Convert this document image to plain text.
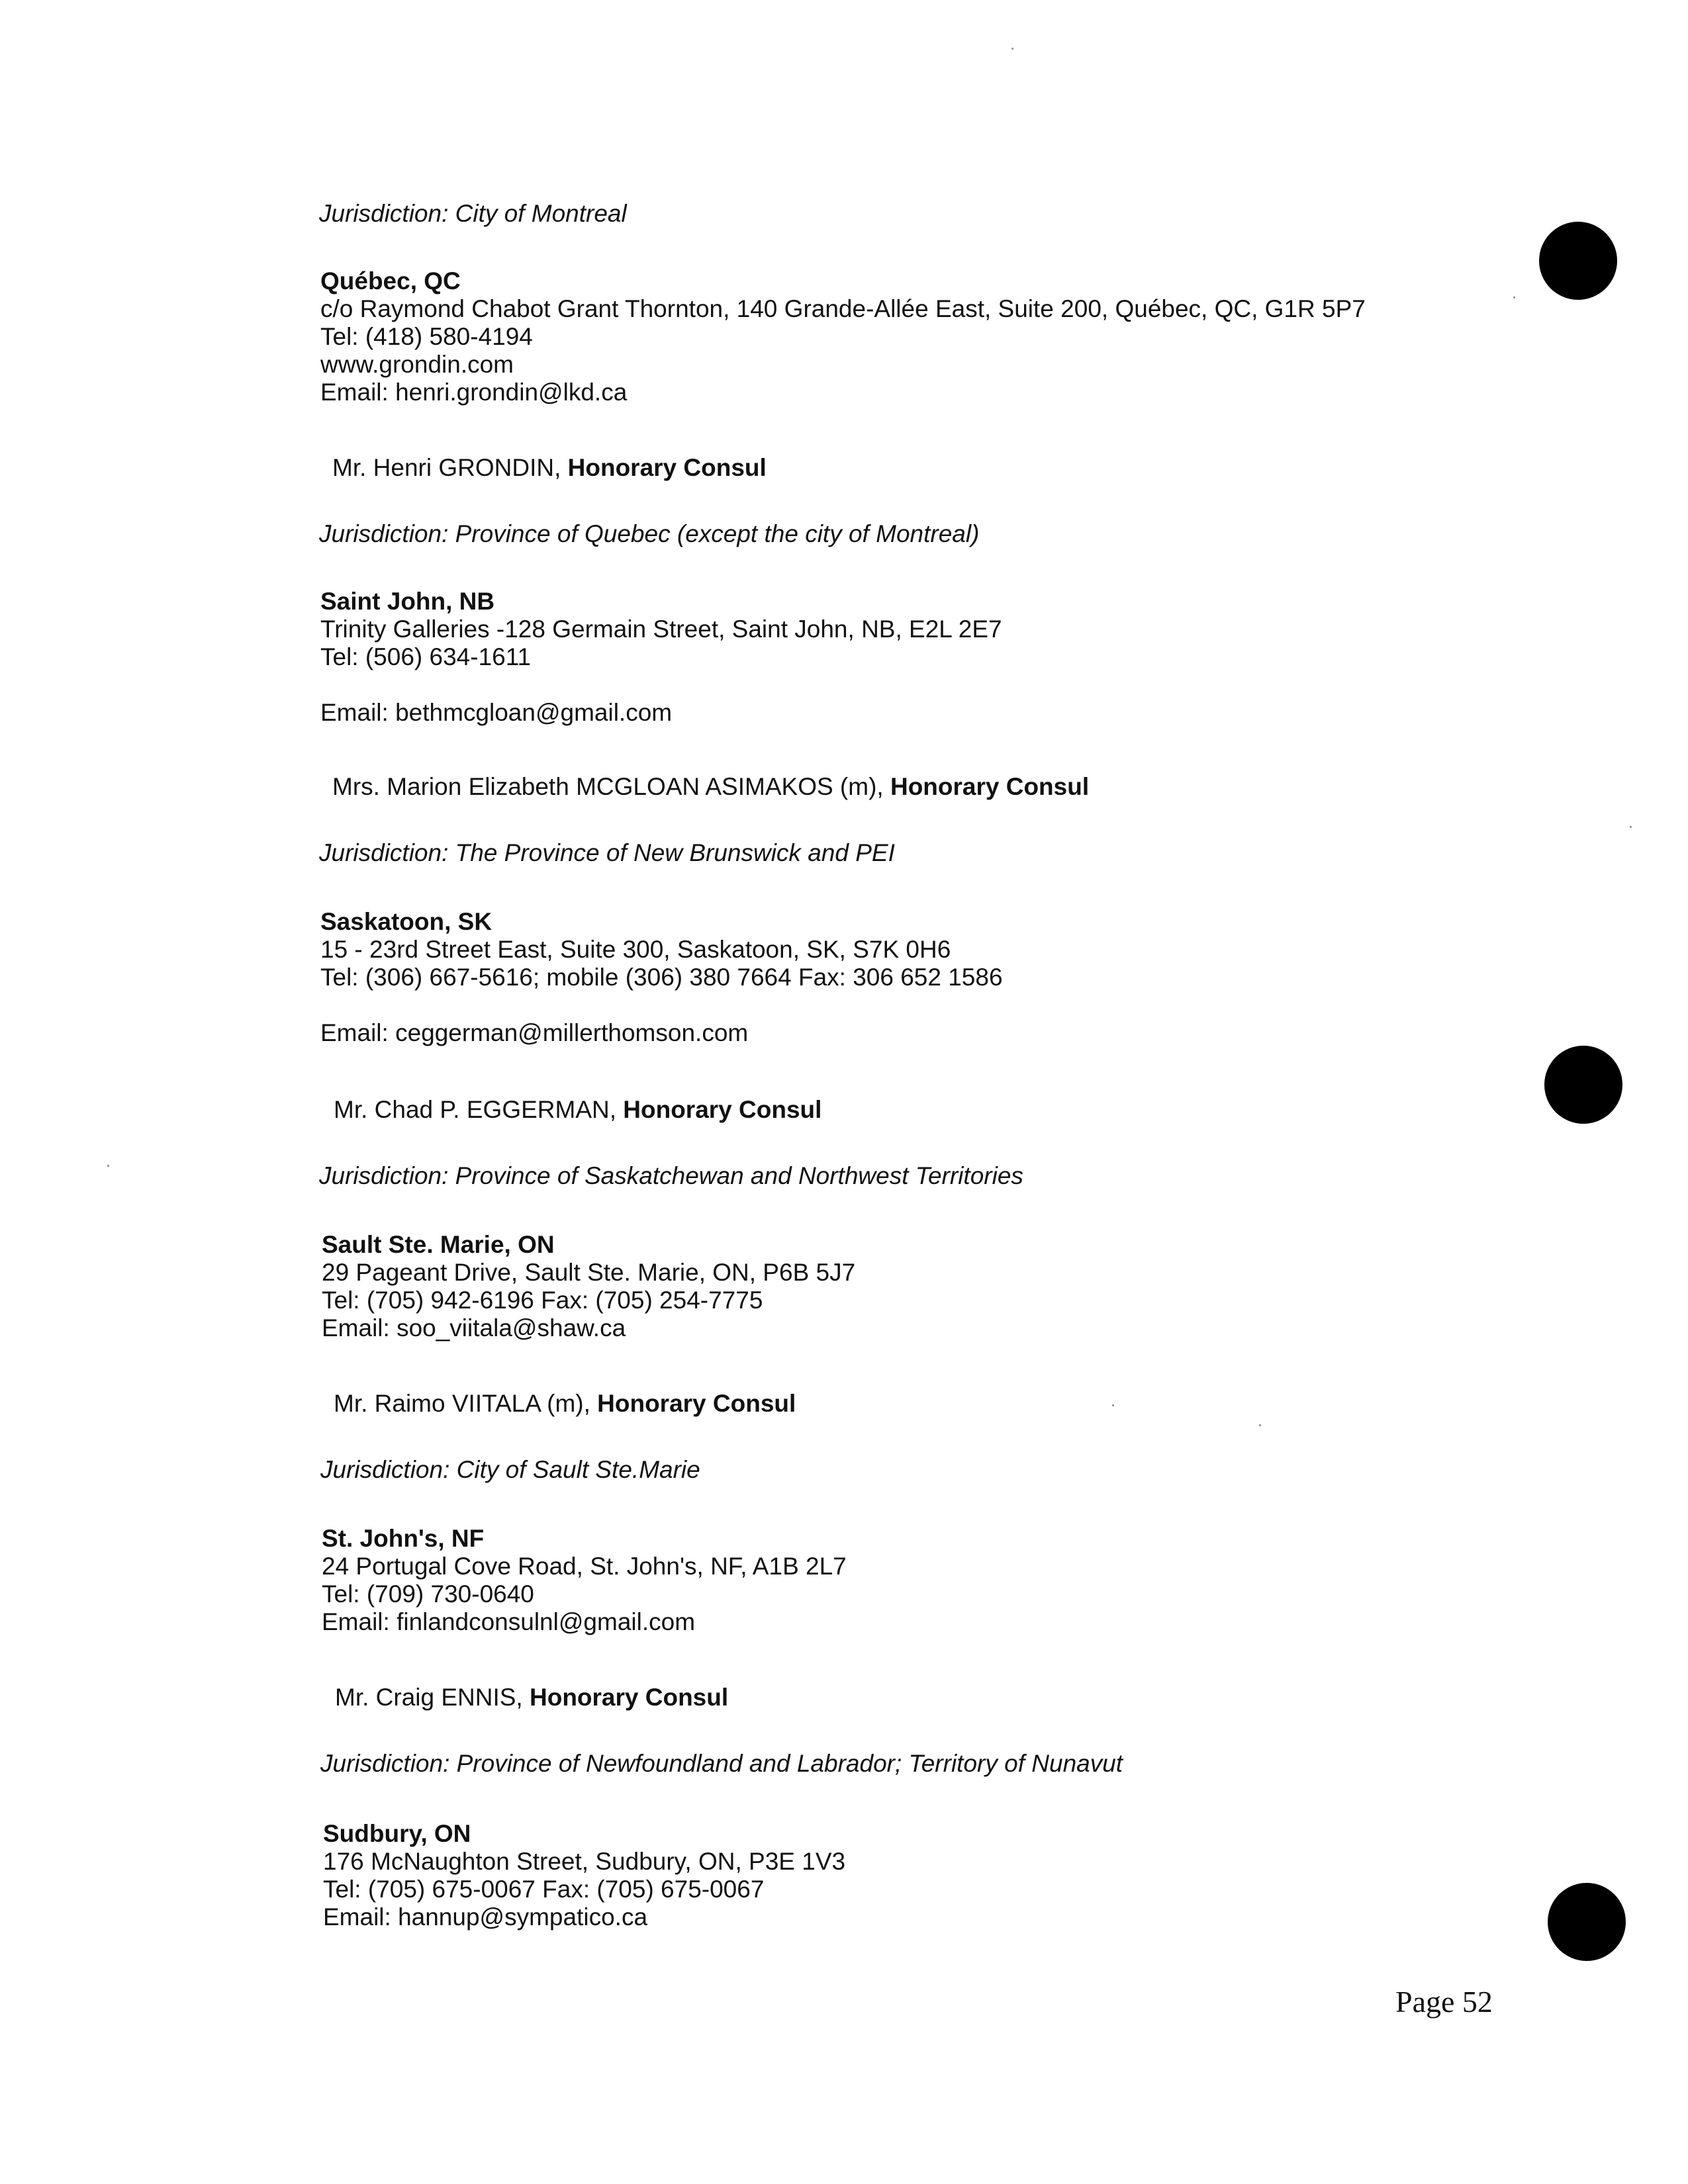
Jurisdiction: City of Montreal
Québec, QC
c/o Raymond Chabot Grant Thornton, 140 Grande-Allée East, Suite 200, Québec, QC, G1R 5P7
Tel: (418) 580-4194
www.grondin.com
Email: henri.grondin@lkd.ca
Mr. Henri GRONDIN, Honorary Consul
Jurisdiction: Province of Quebec (except the city of Montreal)
Saint John, NB
Trinity Galleries -128 Germain Street, Saint John, NB, E2L 2E7
Tel: (506) 634-1611
Email: bethmcgloan@gmail.com
Mrs. Marion Elizabeth MCGLOAN ASIMAKOS (m), Honorary Consul
Jurisdiction: The Province of New Brunswick and PEI
Saskatoon, SK
15 - 23rd Street East, Suite 300, Saskatoon, SK, S7K 0H6
Tel: (306) 667-5616; mobile (306) 380 7664 Fax: 306 652 1586
Email: ceggerman@millerthomson.com
Mr. Chad P. EGGERMAN, Honorary Consul
Jurisdiction: Province of Saskatchewan and Northwest Territories
Sault Ste. Marie, ON
29 Pageant Drive, Sault Ste. Marie, ON, P6B 5J7
Tel: (705) 942-6196 Fax: (705) 254-7775
Email: soo_viitala@shaw.ca
Mr. Raimo VIITALA (m), Honorary Consul
Jurisdiction: City of Sault Ste.Marie
St. John's, NF
24 Portugal Cove Road, St. John's, NF, A1B 2L7
Tel: (709) 730-0640
Email: finlandconsulnl@gmail.com
Mr. Craig ENNIS, Honorary Consul
Jurisdiction: Province of Newfoundland and Labrador; Territory of Nunavut
Sudbury, ON
176 McNaughton Street, Sudbury, ON, P3E 1V3
Tel: (705) 675-0067 Fax: (705) 675-0067
Email: hannup@sympatico.ca
Page 52
